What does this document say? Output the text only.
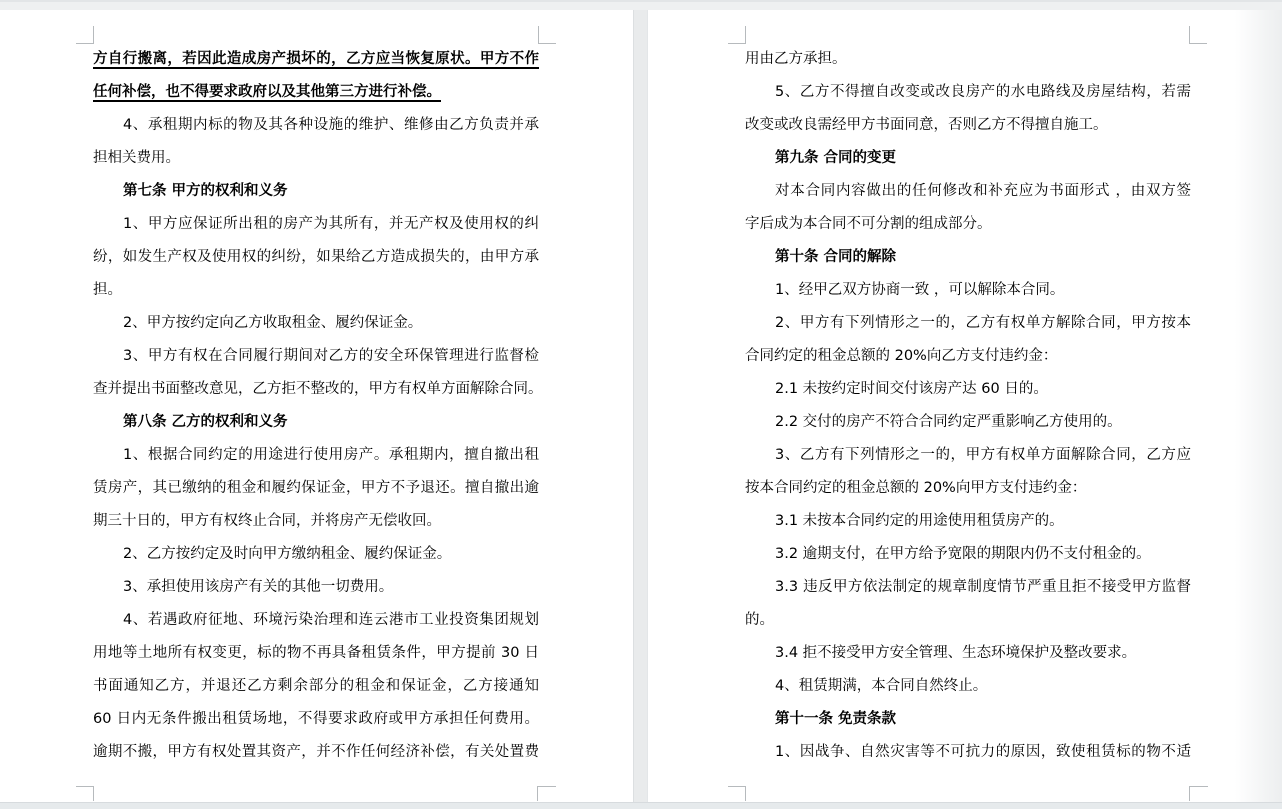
方自行搬离，若因此造成房产损坏的，乙方应当恢复原状。甲方不作
任何补偿，也不得要求政府以及其他第三方进行补偿。
4、承租期内标的物及其各种设施的维护、维修由乙方负责并承
担相关费用。
第七条 甲方的权利和义务
1、甲方应保证所出租的房产为其所有，并无产权及使用权的纠
纷，如发生产权及使用权的纠纷，如果给乙方造成损失的，由甲方承
担。
2、甲方按约定向乙方收取租金、履约保证金。
3、甲方有权在合同履行期间对乙方的安全环保管理进行监督检
查并提出书面整改意见，乙方拒不整改的，甲方有权单方面解除合同。
第八条 乙方的权利和义务
1、根据合同约定的用途进行使用房产。承租期内，擅自撤出租
赁房产，其已缴纳的租金和履约保证金，甲方不予退还。擅自撤出逾
期三十日的，甲方有权终止合同，并将房产无偿收回。
2、乙方按约定及时向甲方缴纳租金、履约保证金。
3、承担使用该房产有关的其他一切费用。
4、若遇政府征地、环境污染治理和连云港市工业投资集团规划
用地等土地所有权变更，标的物不再具备租赁条件，甲方提前 30 日
书面通知乙方，并退还乙方剩余部分的租金和保证金，乙方接通知
60 日内无条件搬出租赁场地，不得要求政府或甲方承担任何费用。
逾期不搬，甲方有权处置其资产，并不作任何经济补偿，有关处置费
用由乙方承担。
5、乙方不得擅自改变或改良房产的水电路线及房屋结构，若需
改变或改良需经甲方书面同意，否则乙方不得擅自施工。
第九条 合同的变更
对本合同内容做出的任何修改和补充应为书面形式 ，由双方签
字后成为本合同不可分割的组成部分。
第十条 合同的解除
1、经甲乙双方协商一致 ，可以解除本合同。
2、甲方有下列情形之一的，乙方有权单方解除合同，甲方按本
合同约定的租金总额的 20%向乙方支付违约金：
2.1 未按约定时间交付该房产达 60 日的。
2.2 交付的房产不符合合同约定严重影响乙方使用的。
3、乙方有下列情形之一的，甲方有权单方面解除合同，乙方应
按本合同约定的租金总额的 20%向甲方支付违约金：
3.1 未按本合同约定的用途使用租赁房产的。
3.2 逾期支付，在甲方给予宽限的期限内仍不支付租金的。
3.3 违反甲方依法制定的规章制度情节严重且拒不接受甲方监督
的。
3.4 拒不接受甲方安全管理、生态环境保护及整改要求。
4、租赁期满，本合同自然终止。
第十一条 免责条款
1、因战争、自然灾害等不可抗力的原因，致使租赁标的物不适
